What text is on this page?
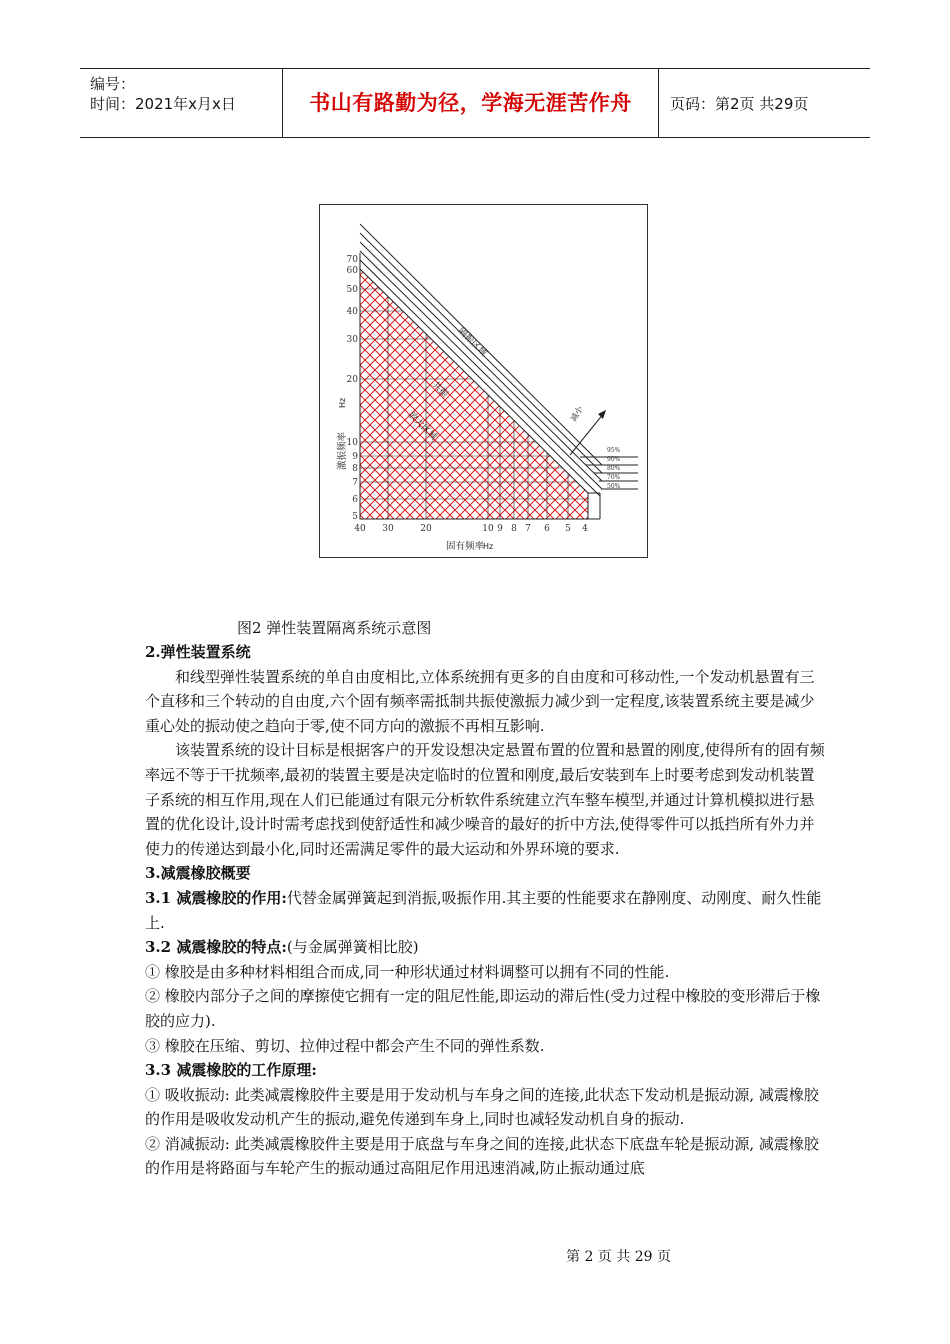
编号：
时间：2021年x月x日	书山有路勤为径，学海无涯苦作舟	页码：第2页 共29页
70
60
50
40
30
20
10
9
8
7
6
5
40 30	20	10 9 8 7 6 5 4
固有频率
Hz
激振频率
Hz
隔振区域
共振
放大区域	减小
95%
90%
80%
70%
50%
图2 弹性装置隔离系统示意图

2.弹性装置系统

和线型弹性装置系统的单自由度相比,立体系统拥有更多的自由度和可移动性,一个发动机悬置有三个直移和三个转动的自由度,六个固有频率需抵制共振使激振力减少到一定程度,该装置系统主要是减少重心处的振动使之趋向于零,使不同方向的激振不再相互影响.

该装置系统的设计目标是根据客户的开发设想决定悬置布置的位置和悬置的刚度,使得所有的固有频率远不等于干扰频率,最初的装置主要是决定临时的位置和刚度,最后安装到车上时要考虑到发动机装置子系统的相互作用,现在人们已能通过有限元分析软件系统建立汽车整车模型,并通过计算机模拟进行悬置的优化设计,设计时需考虑找到使舒适性和减少噪音的最好的折中方法,使得零件可以抵挡所有外力并使力的传递达到最小化,同时还需满足零件的最大运动和外界环境的要求.

3.减震橡胶概要

3.1 减震橡胶的作用:代替金属弹簧起到消振,吸振作用.其主要的性能要求在静刚度、动刚度、耐久性能上.

3.2 减震橡胶的特点:(与金属弹簧相比胶)

① 橡胶是由多种材料相组合而成,同一种形状通过材料调整可以拥有不同的性能.

② 橡胶内部分子之间的摩擦使它拥有一定的阻尼性能,即运动的滞后性(受力过程中橡胶的变形滞后于橡胶的应力).

③ 橡胶在压缩、剪切、拉伸过程中都会产生不同的弹性系数.

3.3 减震橡胶的工作原理:

① 吸收振动: 此类减震橡胶件主要是用于发动机与车身之间的连接,此状态下发动机是振动源, 减震橡胶的作用是吸收发动机产生的振动,避免传递到车身上,同时也减轻发动机自身的振动.

② 消减振动: 此类减震橡胶件主要是用于底盘与车身之间的连接,此状态下底盘车轮是振动源, 减震橡胶的作用是将路面与车轮产生的振动通过高阻尼作用迅速消减,防止振动通过底

第 2 页 共 29 页
